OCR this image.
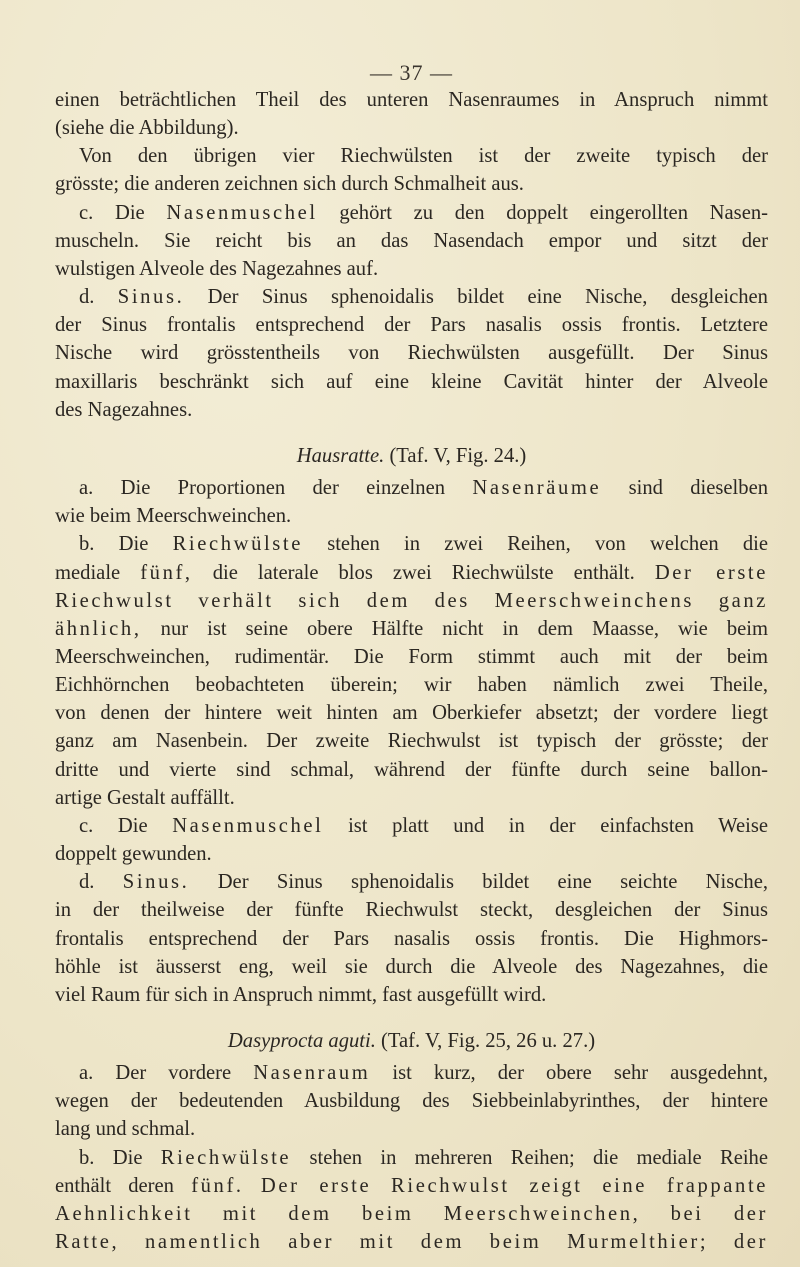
— 37 —
einen beträchtlichen Theil des unteren Nasenraumes in Anspruch nimmt
(siehe die Abbildung).
Von den übrigen vier Riechwülsten ist der zweite typisch der
grösste; die anderen zeichnen sich durch Schmalheit aus.
c. Die Nasenmuschel gehört zu den doppelt eingerollten Nasen-
muscheln. Sie reicht bis an das Nasendach empor und sitzt der
wulstigen Alveole des Nagezahnes auf.
d. Sinus. Der Sinus sphenoidalis bildet eine Nische, desgleichen
der Sinus frontalis entsprechend der Pars nasalis ossis frontis. Letztere
Nische wird grösstentheils von Riechwülsten ausgefüllt. Der Sinus
maxillaris beschränkt sich auf eine kleine Cavität hinter der Alveole
des Nagezahnes.
Hausratte. (Taf. V, Fig. 24.)
a. Die Proportionen der einzelnen Nasenräume sind dieselben
wie beim Meerschweinchen.
b. Die Riechwülste stehen in zwei Reihen, von welchen die
mediale fünf, die laterale blos zwei Riechwülste enthält. Der erste
Riechwulst verhält sich dem des Meerschweinchens ganz
ähnlich, nur ist seine obere Hälfte nicht in dem Maasse, wie beim
Meerschweinchen, rudimentär. Die Form stimmt auch mit der beim
Eichhörnchen beobachteten überein; wir haben nämlich zwei Theile,
von denen der hintere weit hinten am Oberkiefer absetzt; der vordere liegt
ganz am Nasenbein. Der zweite Riechwulst ist typisch der grösste; der
dritte und vierte sind schmal, während der fünfte durch seine ballon-
artige Gestalt auffällt.
c. Die Nasenmuschel ist platt und in der einfachsten Weise
doppelt gewunden.
d. Sinus. Der Sinus sphenoidalis bildet eine seichte Nische,
in der theilweise der fünfte Riechwulst steckt, desgleichen der Sinus
frontalis entsprechend der Pars nasalis ossis frontis. Die Highmors-
höhle ist äusserst eng, weil sie durch die Alveole des Nagezahnes, die
viel Raum für sich in Anspruch nimmt, fast ausgefüllt wird.
Dasyprocta aguti. (Taf. V, Fig. 25, 26 u. 27.)
a. Der vordere Nasenraum ist kurz, der obere sehr ausgedehnt,
wegen der bedeutenden Ausbildung des Siebbeinlabyrinthes, der hintere
lang und schmal.
b. Die Riechwülste stehen in mehreren Reihen; die mediale Reihe
enthält deren fünf. Der erste Riechwulst zeigt eine frappante
Aehnlichkeit mit dem beim Meerschweinchen, bei der
Ratte, namentlich aber mit dem beim Murmelthier; der
